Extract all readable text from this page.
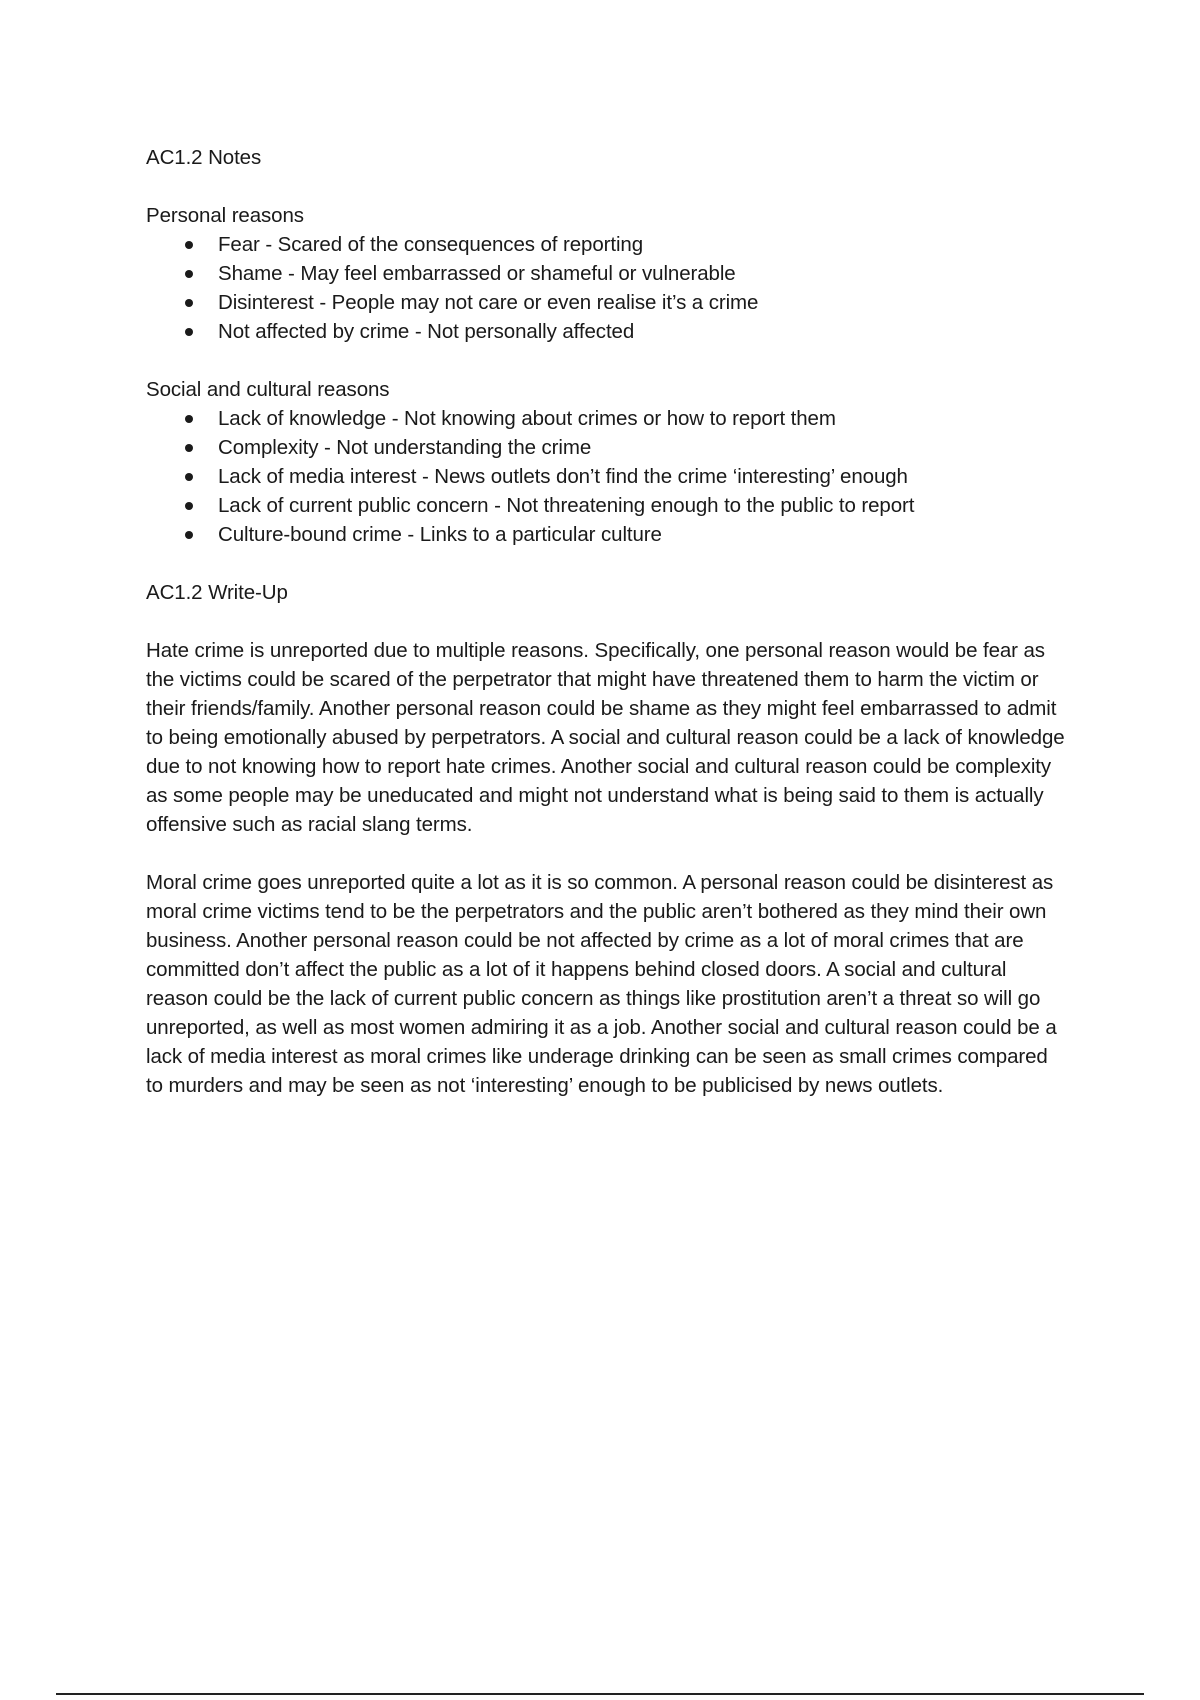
AC1.2 Notes
Personal reasons
Fear - Scared of the consequences of reporting
Shame - May feel embarrassed or shameful or vulnerable
Disinterest - People may not care or even realise it’s a crime
Not affected by crime - Not personally affected
Social and cultural reasons
Lack of knowledge - Not knowing about crimes or how to report them
Complexity - Not understanding the crime
Lack of media interest - News outlets don’t find the crime ‘interesting’ enough
Lack of current public concern - Not threatening enough to the public to report
Culture-bound crime - Links to a particular culture
AC1.2 Write-Up

Hate crime is unreported due to multiple reasons. Specifically, one personal reason would be fear as the victims could be scared of the perpetrator that might have threatened them to harm the victim or their friends/family. Another personal reason could be shame as they might feel embarrassed to admit to being emotionally abused by perpetrators. A social and cultural reason could be a lack of knowledge due to not knowing how to report hate crimes. Another social and cultural reason could be complexity as some people may be uneducated and might not understand what is being said to them is actually offensive such as racial slang terms.

Moral crime goes unreported quite a lot as it is so common. A personal reason could be disinterest as moral crime victims tend to be the perpetrators and the public aren’t bothered as they mind their own business. Another personal reason could be not affected by crime as a lot of moral crimes that are committed don’t affect the public as a lot of it happens behind closed doors. A social and cultural reason could be the lack of current public concern as things like prostitution aren’t a threat so will go unreported, as well as most women admiring it as a job. Another social and cultural reason could be a lack of media interest as moral crimes like underage drinking can be seen as small crimes compared to murders and may be seen as not ‘interesting’ enough to be publicised by news outlets.
